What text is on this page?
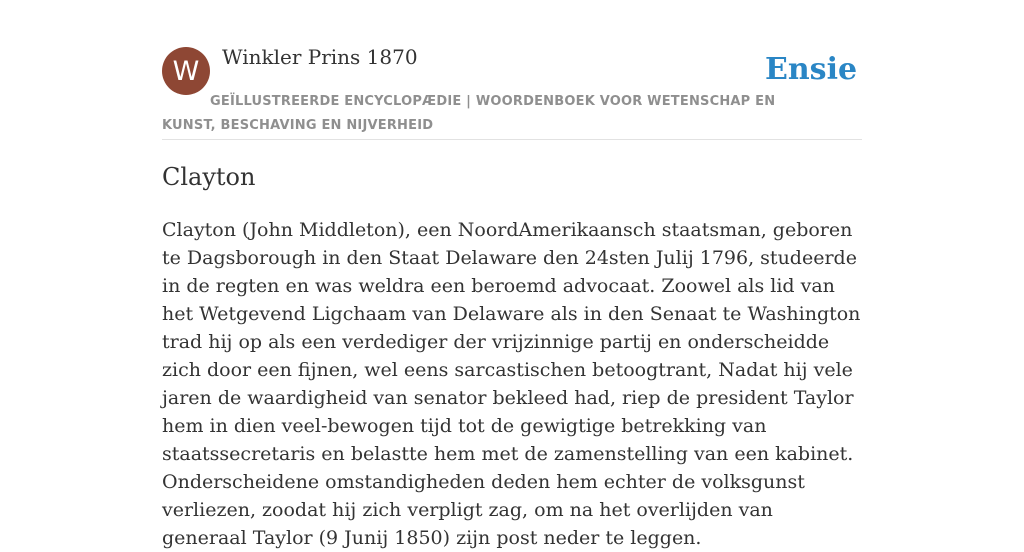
W	Winkler Prins 1870	Ensie
GEÏLLUSTREERDE ENCYCLOPÆDIE | WOORDENBOEK VOOR WETENSCHAP EN KUNST, BESCHAVING EN NIJVERHEID
Clayton

Clayton (John Middleton), een NoordAmerikaansch staatsman, geboren te Dagsborough in den Staat Delaware den 24sten Julij 1796, studeerde in de regten en was weldra een beroemd advocaat. Zoowel als lid van het Wetgevend Ligchaam van Delaware als in den Senaat te Washington trad hij op als een verdediger der vrijzinnige partij en onderscheidde zich door een fijnen, wel eens sarcastischen betoogtrant, Nadat hij vele jaren de waardigheid van senator bekleed had, riep de president Taylor hem in dien veel-bewogen tijd tot de gewigtige betrekking van staatssecretaris en belastte hem met de zamenstelling van een kabinet. Onderscheidene omstandigheden deden hem echter de volksgunst verliezen, zoodat hij zich verpligt zag, om na het overlijden van generaal Taylor (9 Junij 1850) zijn post neder te leggen.
